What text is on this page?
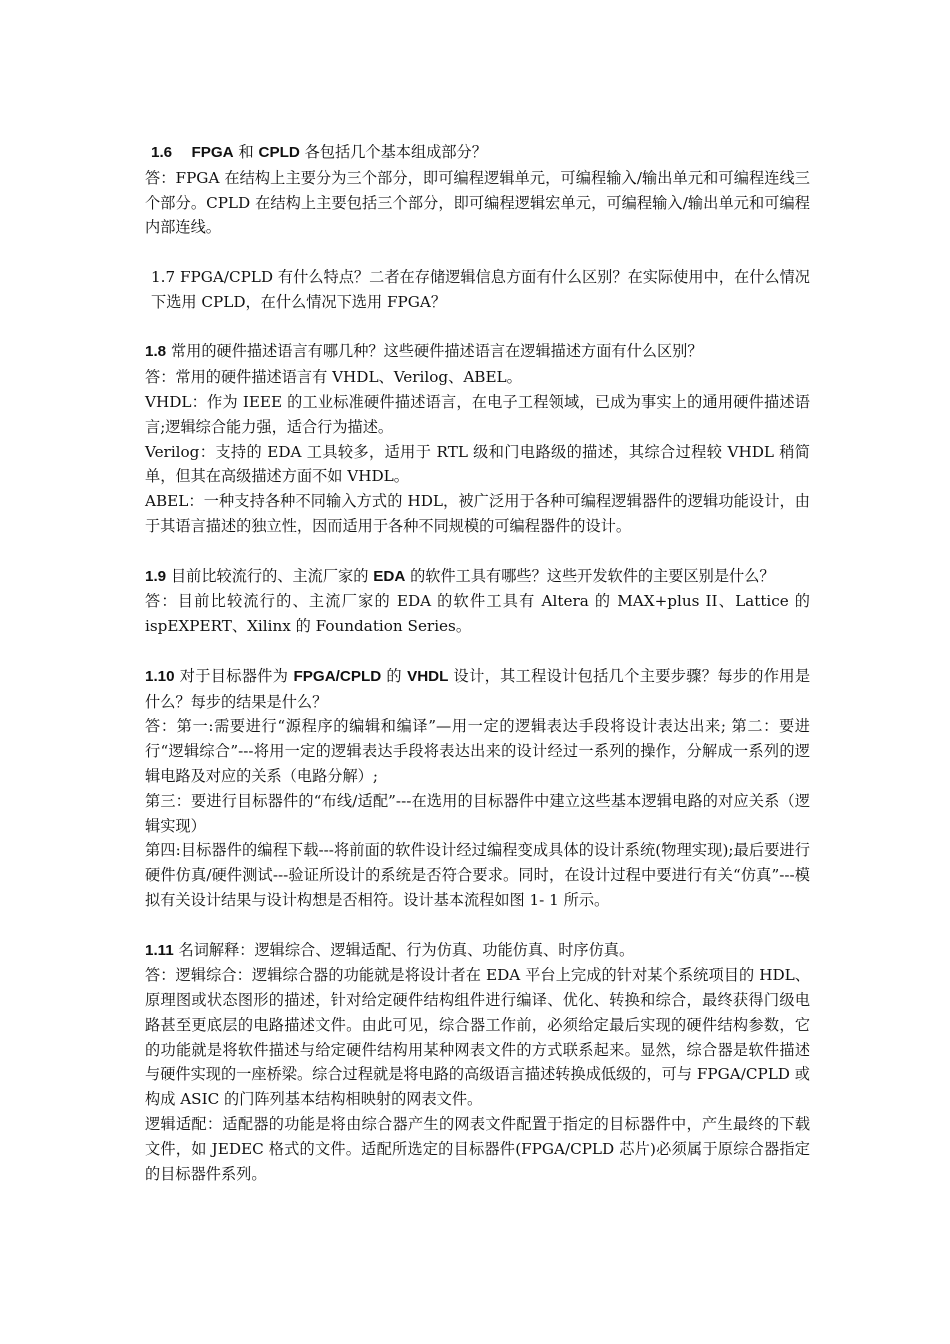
1.6 FPGA 和 CPLD 各包括几个基本组成部分？

答：FPGA 在结构上主要分为三个部分，即可编程逻辑单元，可编程输入/输出单元和可编程连线三个部分。CPLD 在结构上主要包括三个部分，即可编程逻辑宏单元，可编程输入/输出单元和可编程内部连线。

1.7 FPGA/CPLD 有什么特点？二者在存储逻辑信息方面有什么区别？在实际使用中，在什么情况下选用 CPLD，在什么情况下选用 FPGA？

1.8 常用的硬件描述语言有哪几种？这些硬件描述语言在逻辑描述方面有什么区别？

答：常用的硬件描述语言有 VHDL、Verilog、ABEL。

VHDL：作为 IEEE 的工业标准硬件描述语言，在电子工程领域，已成为事实上的通用硬件描述语言;逻辑综合能力强，适合行为描述。

Verilog：支持的 EDA 工具较多，适用于 RTL 级和门电路级的描述，其综合过程较 VHDL 稍简单，但其在高级描述方面不如 VHDL。

ABEL：一种支持各种不同输入方式的 HDL，被广泛用于各种可编程逻辑器件的逻辑功能设计，由于其语言描述的独立性，因而适用于各种不同规模的可编程器件的设计。

1.9 目前比较流行的、主流厂家的 EDA 的软件工具有哪些？这些开发软件的主要区别是什么？

答：目前比较流行的、主流厂家的 EDA 的软件工具有 Altera 的 MAX+plus II、Lattice 的 ispEXPERT、Xilinx 的 Foundation Series。

1.10 对于目标器件为 FPGA/CPLD 的 VHDL 设计，其工程设计包括几个主要步骤？每步的作用是什么？每步的结果是什么？

答：第一:需要进行“源程序的编辑和编译”—用一定的逻辑表达手段将设计表达出来; 第二：要进行“逻辑综合”---将用一定的逻辑表达手段将表达出来的设计经过一系列的操作，分解成一系列的逻辑电路及对应的关系（电路分解）;

第三：要进行目标器件的“布线/适配”---在选用的目标器件中建立这些基本逻辑电路的对应关系（逻辑实现）

第四:目标器件的编程下载---将前面的软件设计经过编程变成具体的设计系统(物理实现);最后要进行硬件仿真/硬件测试---验证所设计的系统是否符合要求。同时，在设计过程中要进行有关“仿真”---模拟有关设计结果与设计构想是否相符。设计基本流程如图 1- 1 所示。

1.11 名词解释：逻辑综合、逻辑适配、行为仿真、功能仿真、时序仿真。

答：逻辑综合：逻辑综合器的功能就是将设计者在 EDA 平台上完成的针对某个系统项目的 HDL、原理图或状态图形的描述，针对给定硬件结构组件进行编译、优化、转换和综合，最终获得门级电路甚至更底层的电路描述文件。由此可见，综合器工作前，必须给定最后实现的硬件结构参数，它的功能就是将软件描述与给定硬件结构用某种网表文件的方式联系起来。显然，综合器是软件描述与硬件实现的一座桥梁。综合过程就是将电路的高级语言描述转换成低级的，可与 FPGA/CPLD 或构成 ASIC 的门阵列基本结构相映射的网表文件。

逻辑适配：适配器的功能是将由综合器产生的网表文件配置于指定的目标器件中，产生最终的下载文件，如 JEDEC 格式的文件。适配所选定的目标器件(FPGA/CPLD 芯片)必须属于原综合器指定的目标器件系列。
